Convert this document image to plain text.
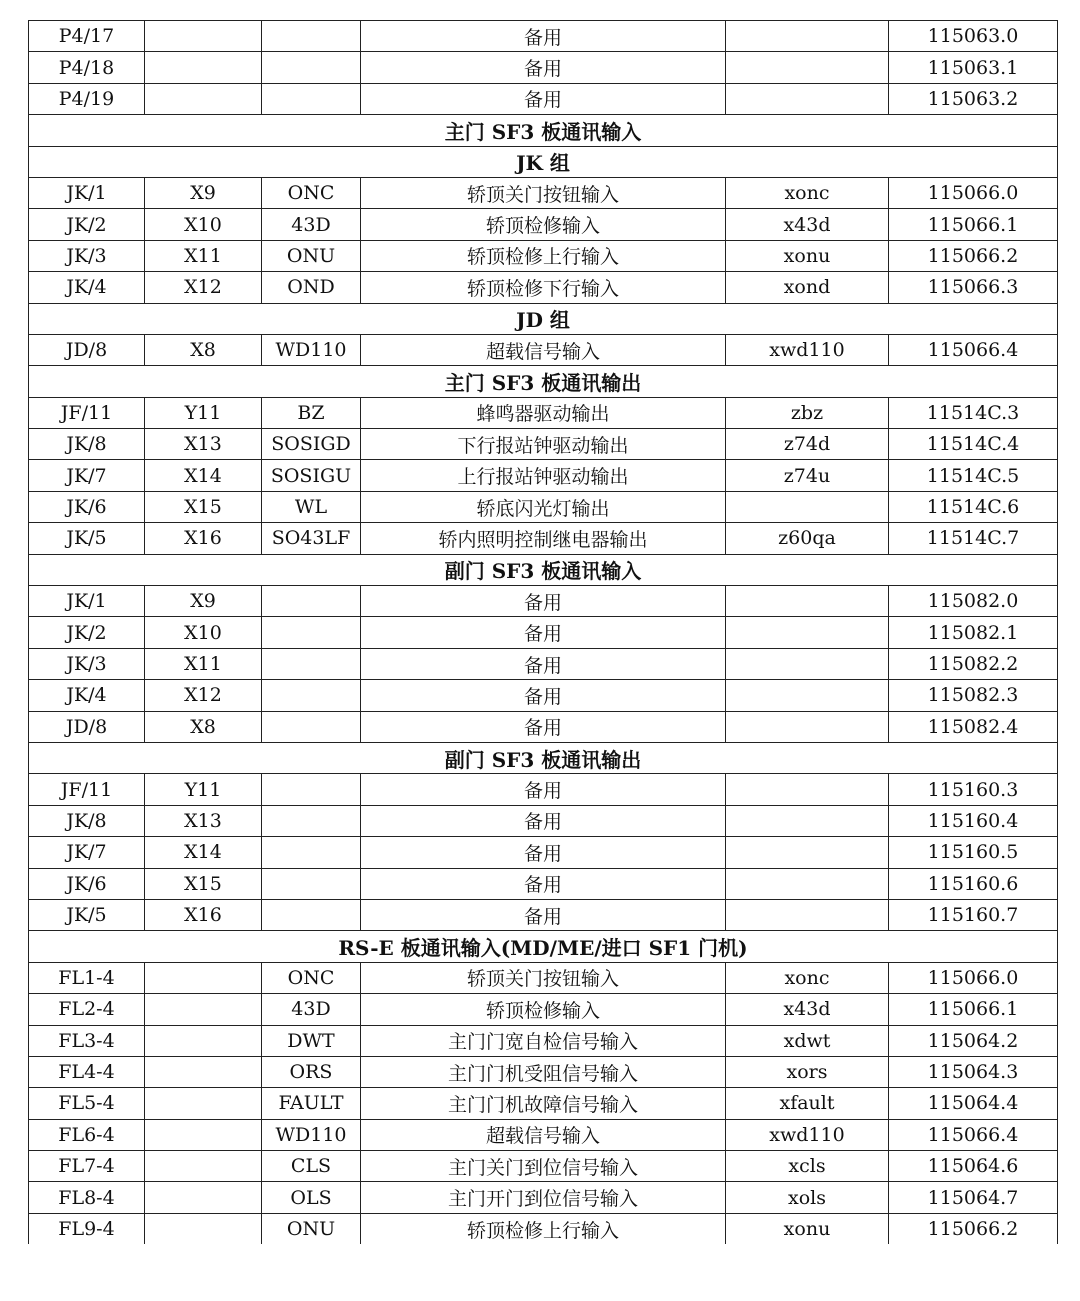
P4/17			备用		115063.0
P4/18			备用		115063.1
P4/19			备用		115063.2
主门 SF3 板通讯输入					
JK 组					
JK/1	X9	ONC	轿顶关门按钮输入	xonc	115066.0
JK/2	X10	43D	轿顶检修输入	x43d	115066.1
JK/3	X11	ONU	轿顶检修上行输入	xonu	115066.2
JK/4	X12	OND	轿顶检修下行输入	xond	115066.3
JD 组					
JD/8	X8	WD110	超载信号输入	xwd110	115066.4
主门 SF3 板通讯输出					
JF/11	Y11	BZ	蜂鸣器驱动输出	zbz	11514C.3
JK/8	X13	SOSIGD	下行报站钟驱动输出	z74d	11514C.4
JK/7	X14	SOSIGU	上行报站钟驱动输出	z74u	11514C.5
JK/6	X15	WL	轿底闪光灯输出		11514C.6
JK/5	X16	SO43LF	轿内照明控制继电器输出	z60qa	11514C.7
副门 SF3 板通讯输入					
JK/1	X9		备用		115082.0
JK/2	X10		备用		115082.1
JK/3	X11		备用		115082.2
JK/4	X12		备用		115082.3
JD/8	X8		备用		115082.4
副门 SF3 板通讯输出					
JF/11	Y11		备用		115160.3
JK/8	X13		备用		115160.4
JK/7	X14		备用		115160.5
JK/6	X15		备用		115160.6
JK/5	X16		备用		115160.7
RS-E 板通讯输入(MD/ME/进口 SF1 门机)					
FL1-4		ONC	轿顶关门按钮输入	xonc	115066.0
FL2-4		43D	轿顶检修输入	x43d	115066.1
FL3-4		DWT	主门门宽自检信号输入	xdwt	115064.2
FL4-4		ORS	主门门机受阻信号输入	xors	115064.3
FL5-4		FAULT	主门门机故障信号输入	xfault	115064.4
FL6-4		WD110	超载信号输入	xwd110	115066.4
FL7-4		CLS	主门关门到位信号输入	xcls	115064.6
FL8-4		OLS	主门开门到位信号输入	xols	115064.7
FL9-4		ONU	轿顶检修上行输入	xonu	115066.2
